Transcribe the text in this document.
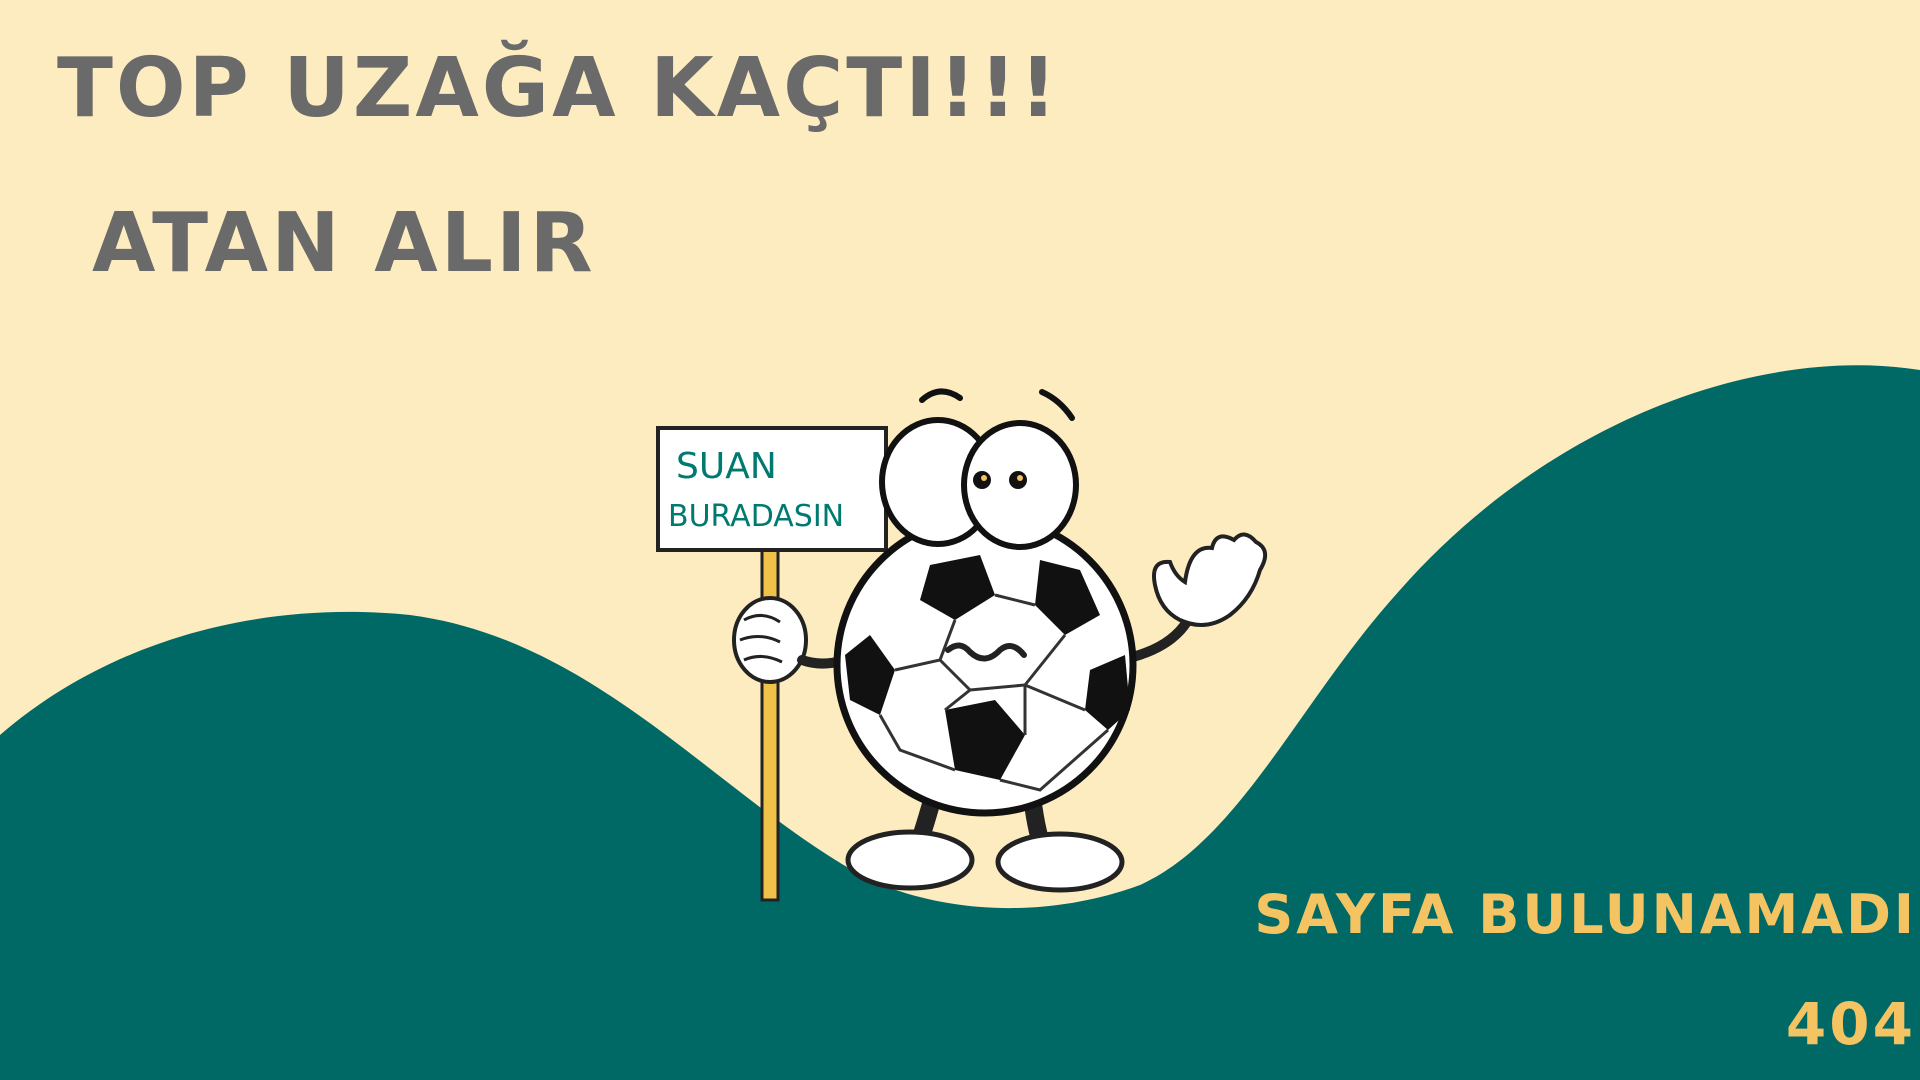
TOP UZAĞA KAÇTI!!!
ATAN ALIR
SUAN
BURADASIN
SAYFA BULUNAMADI
404
